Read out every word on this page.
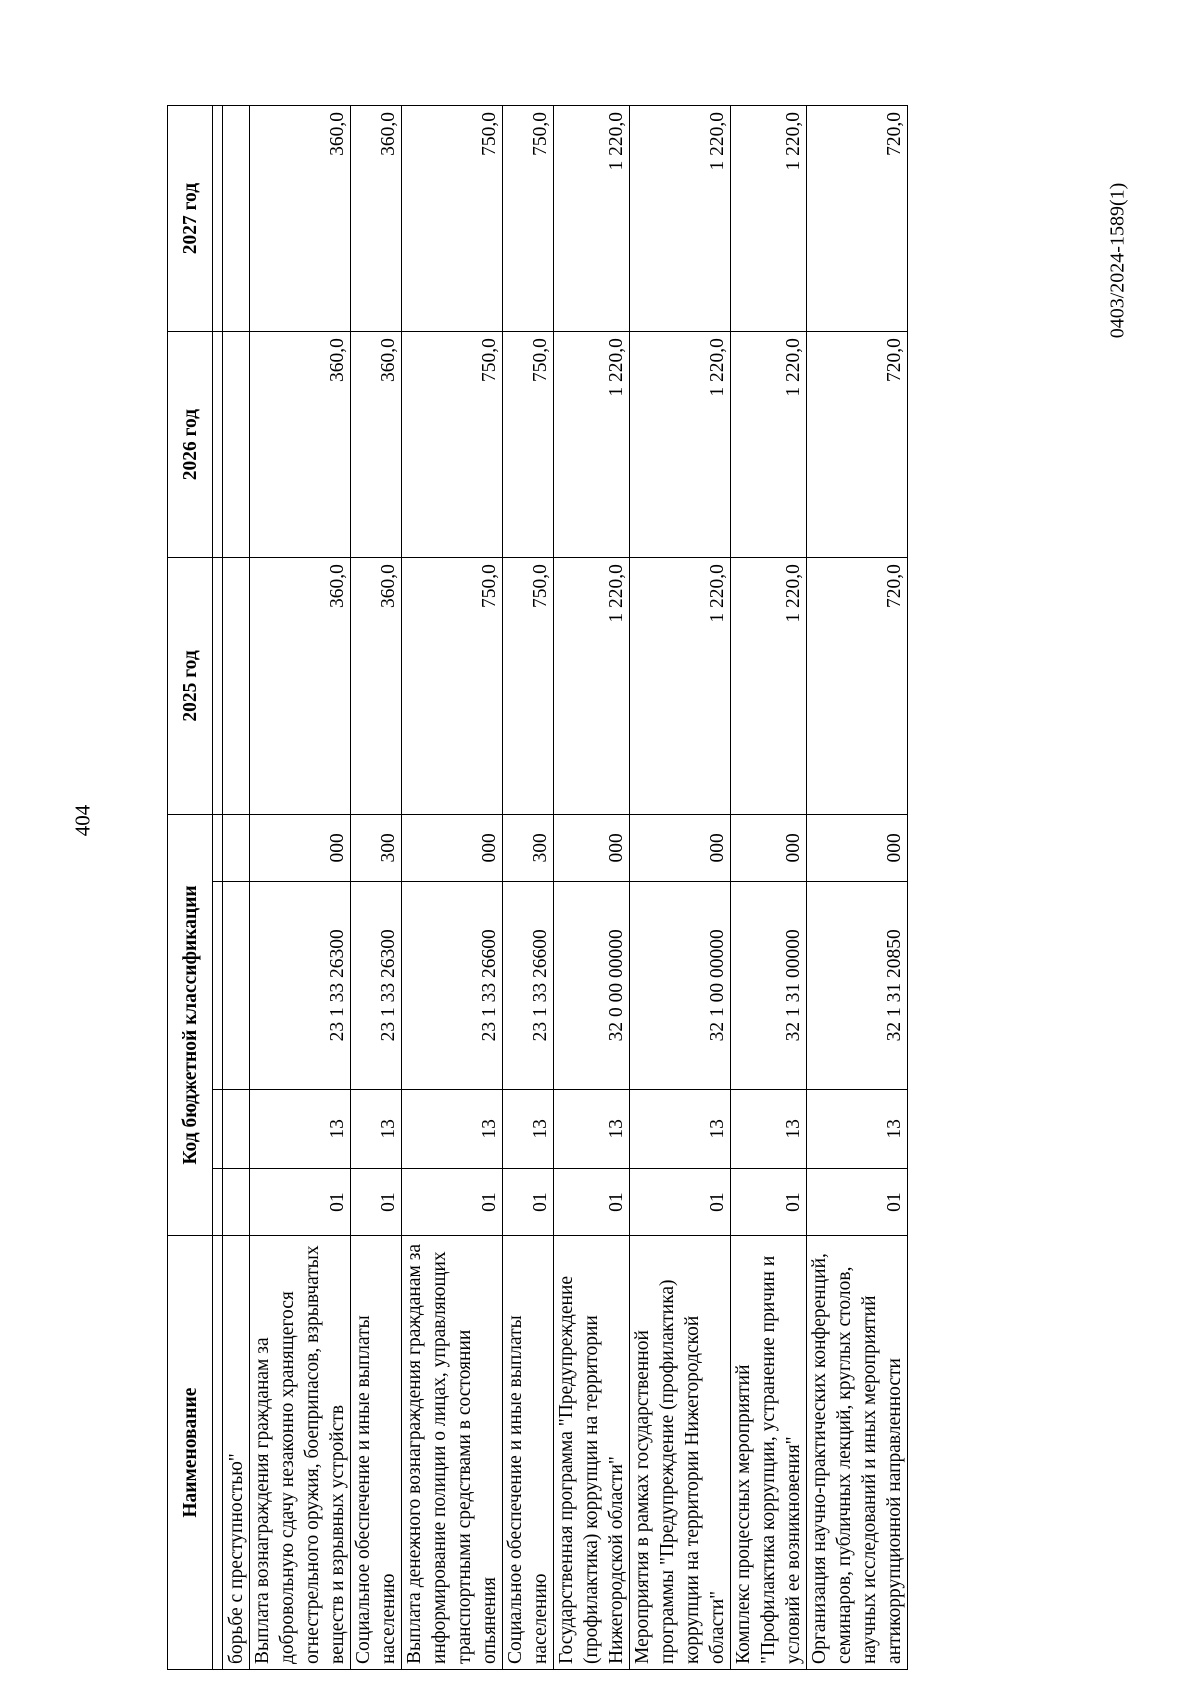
404
0403/2024-1589(1)
Наименование	Код бюджетной классификации				2025 год	2026 год	2027 год

борьбе с преступностью"							
Выплата вознаграждения гражданам за добровольную сдачу незаконно хранящегося огнестрельного оружия, боеприпасов, взрывчатых веществ и взрывных устройств	01	13	23 1 33 26300	000	360,0	360,0	360,0
Социальное обеспечение и иные выплаты населению	01	13	23 1 33 26300	300	360,0	360,0	360,0
Выплата денежного вознаграждения гражданам за информирование полиции о лицах, управляющих транспортными средствами в состоянии опьянения	01	13	23 1 33 26600	000	750,0	750,0	750,0
Социальное обеспечение и иные выплаты населению	01	13	23 1 33 26600	300	750,0	750,0	750,0
Государственная программа "Предупреждение (профилактика) коррупции на территории Нижегородской области"	01	13	32 0 00 00000	000	1 220,0	1 220,0	1 220,0
Мероприятия в рамках государственной программы "Предупреждение (профилактика) коррупции на территории Нижегородской области"	01	13	32 1 00 00000	000	1 220,0	1 220,0	1 220,0
Комплекс процессных мероприятий "Профилактика коррупции, устранение причин и условий ее возникновения"	01	13	32 1 31 00000	000	1 220,0	1 220,0	1 220,0
Организация научно-практических конференций, семинаров, публичных лекций, круглых столов, научных исследований и иных мероприятий антикоррупционной направленности	01	13	32 1 31 20850	000	720,0	720,0	720,0
